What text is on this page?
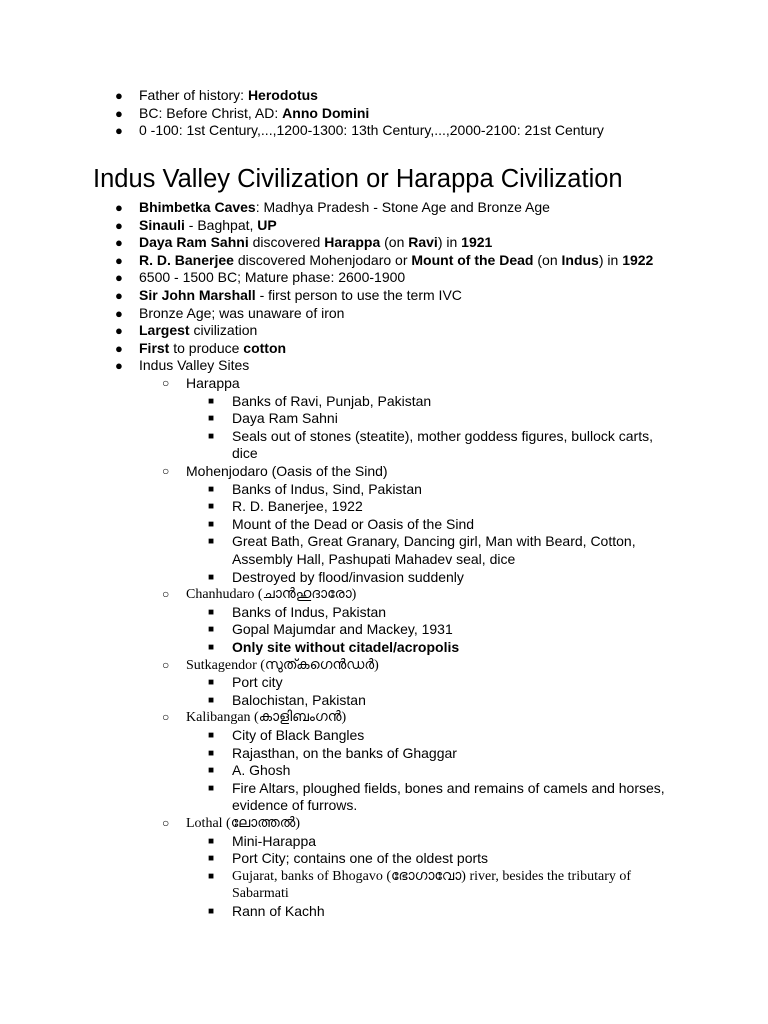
● Father of history: Herodotus
● BC: Before Christ, AD: Anno Domini
● 0 -100: 1st Century,...,1200-1300: 13th Century,...,2000-2100: 21st Century
Indus Valley Civilization or Harappa Civilization
● Bhimbetka Caves: Madhya Pradesh - Stone Age and Bronze Age
● Sinauli - Baghpat, UP
● Daya Ram Sahni discovered Harappa (on Ravi) in 1921
● R. D. Banerjee discovered Mohenjodaro or Mount of the Dead (on Indus) in 1922
● 6500 - 1500 BC; Mature phase: 2600-1900
● Sir John Marshall - first person to use the term IVC
● Bronze Age; was unaware of iron
● Largest civilization
● First to produce cotton
● Indus Valley Sites
○ Harappa
■ Banks of Ravi, Punjab, Pakistan
■ Daya Ram Sahni
■ Seals out of stones (steatite), mother goddess figures, bullock carts,
dice
○ Mohenjodaro (Oasis of the Sind)
■ Banks of Indus, Sind, Pakistan
■ R. D. Banerjee, 1922
■ Mount of the Dead or Oasis of the Sind
■ Great Bath, Great Granary, Dancing girl, Man with Beard, Cotton,
Assembly Hall, Pashupati Mahadev seal, dice
■ Destroyed by flood/invasion suddenly
○ Chanhudaro (ചാൻഹുദാരോ)
■ Banks of Indus, Pakistan
■ Gopal Majumdar and Mackey, 1931
■ Only site without citadel/acropolis
○ Sutkagendor (സുത്കഗെൻഡർ)
■ Port city
■ Balochistan, Pakistan
○ Kalibangan (കാളിബംഗൻ)
■ City of Black Bangles
■ Rajasthan, on the banks of Ghaggar
■ A. Ghosh
■ Fire Altars, ploughed fields, bones and remains of camels and horses,
evidence of furrows.
○ Lothal (ലോത്തൽ)
■ Mini-Harappa
■ Port City; contains one of the oldest ports
■ Gujarat, banks of Bhogavo (ഭോഗാവോ) river, besides the tributary of
Sabarmati
■ Rann of Kachh
